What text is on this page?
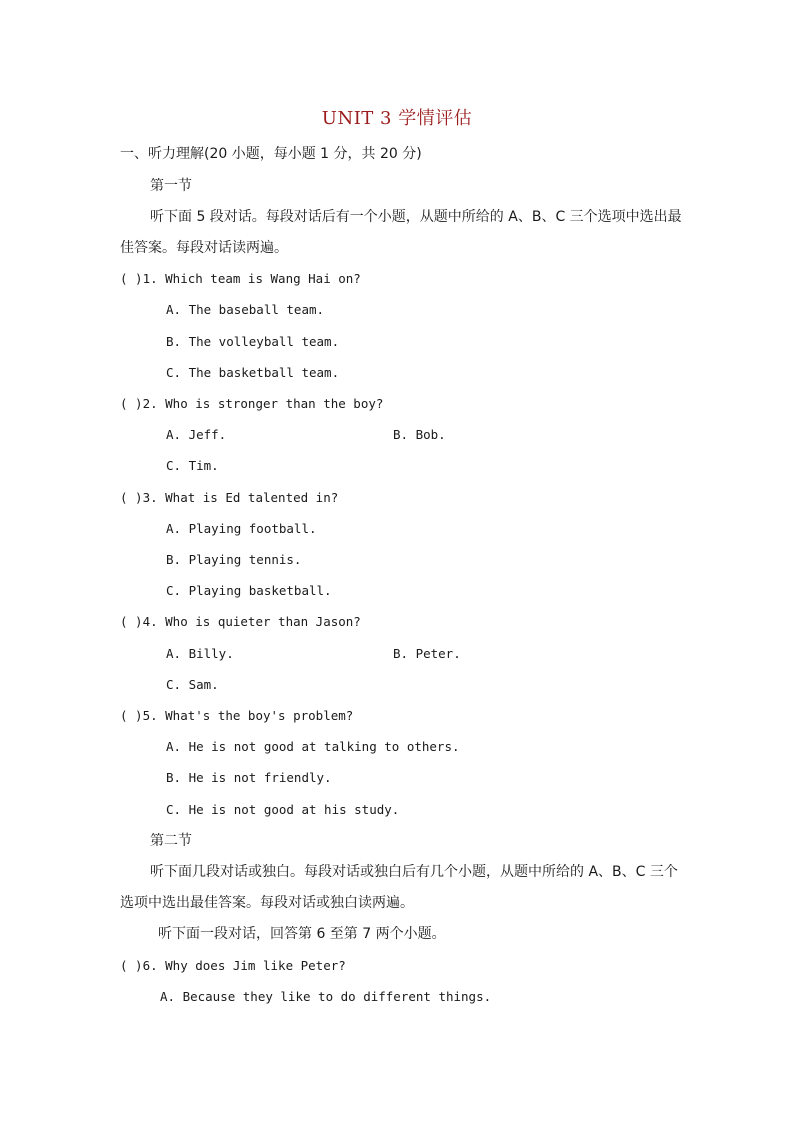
UNIT 3 学情评估
一、听力理解(20 小题，每小题 1 分，共 20 分)
第一节
听下面 5 段对话。每段对话后有一个小题，从题中所给的 A、B、C 三个选项中选出最
佳答案。每段对话读两遍。
( )1. Which team is Wang Hai on?
A. The baseball team.
B. The volleyball team.
C. The basketball team.
( )2. Who is stronger than the boy?
A. Jeff.	B. Bob.
C. Tim.
( )3. What is Ed talented in?
A. Playing football.
B. Playing tennis.
C. Playing basketball.
( )4. Who is quieter than Jason?
A. Billy.	B. Peter.
C. Sam.
( )5. What's the boy's problem?
A. He is not good at talking to others.
B. He is not friendly.
C. He is not good at his study.
第二节
听下面几段对话或独白。每段对话或独白后有几个小题，从题中所给的 A、B、C 三个
选项中选出最佳答案。每段对话或独白读两遍。
听下面一段对话，回答第 6 至第 7 两个小题。
( )6. Why does Jim like Peter?
A. Because they like to do different things.
